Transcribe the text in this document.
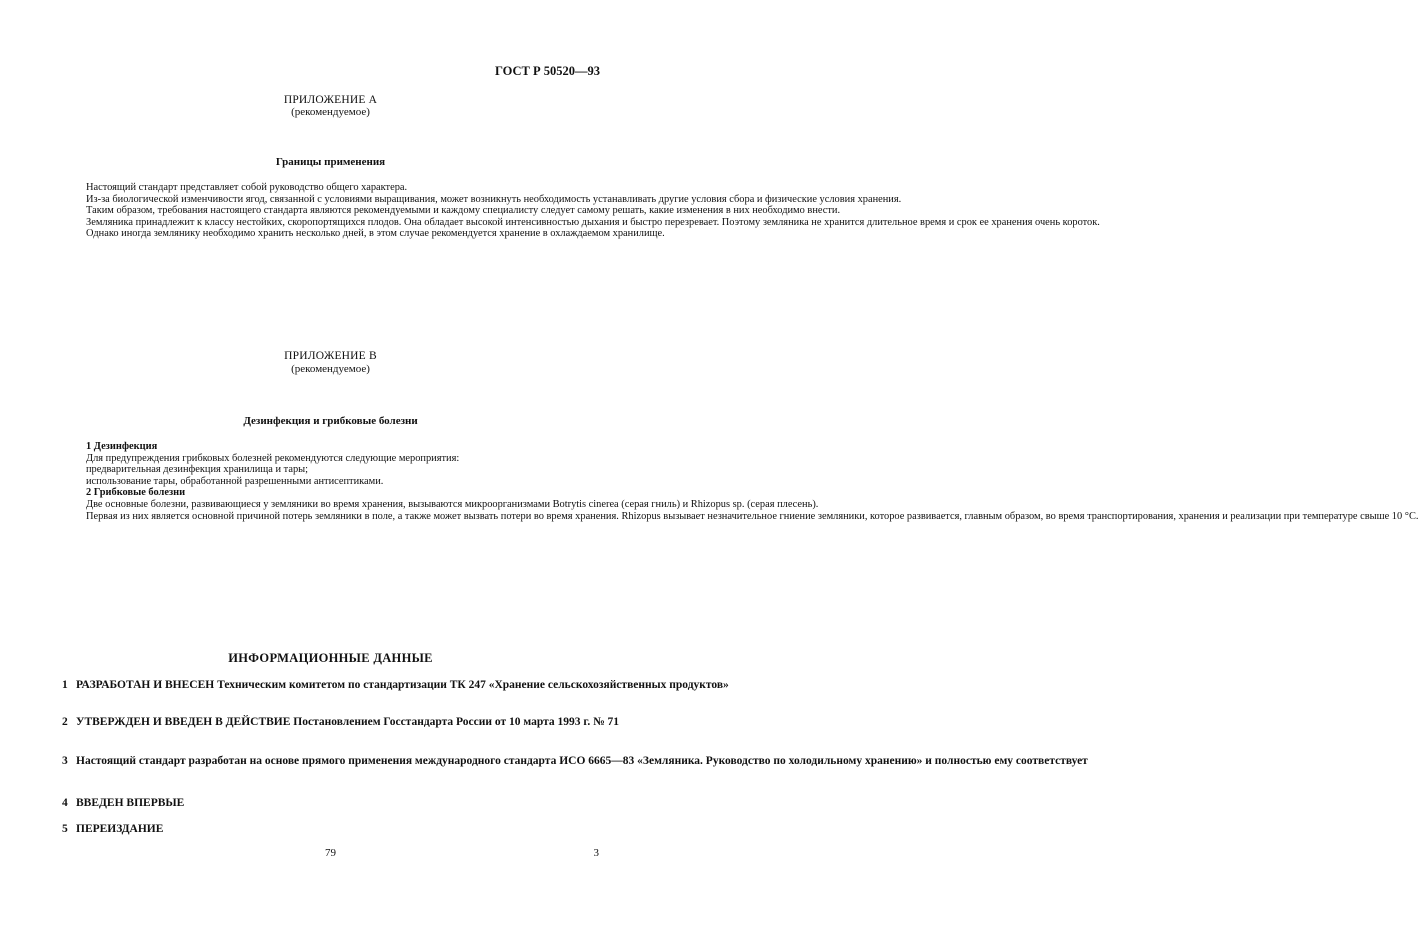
ГОСТ Р 50520—93
ПРИЛОЖЕНИЕ А
(рекомендуемое)
Границы применения

Настоящий стандарт представляет собой руководство общего характера.

Из-за биологической изменчивости ягод, связанной с условиями выращивания, может возникнуть необходимость устанавливать другие условия сбора и физические условия хранения.

Таким образом, требования настоящего стандарта являются рекомендуемыми и каждому специалисту следует самому решать, какие изменения в них необходимо внести.

Земляника принадлежит к классу нестойких, скоропортящихся плодов. Она обладает высокой интенсивностью дыхания и быстро перезревает. Поэтому земляника не хранится длительное время и срок ее хранения очень короток.

Однако иногда землянику необходимо хранить несколько дней, в этом случае рекомендуется хранение в охлаждаемом хранилище.

ПРИЛОЖЕНИЕ В
(рекомендуемое)
Дезинфекция и грибковые болезни

1 Дезинфекция

Для предупреждения грибковых болезней рекомендуются следующие мероприятия:

предварительная дезинфекция хранилища и тары;

использование тары, обработанной разрешенными антисептиками.

2 Грибковые болезни

Две основные болезни, развивающиеся у земляники во время хранения, вызываются микроорганизмами Botrytis cinerea (серая гниль) и Rhizopus sp. (серая плесень).

Первая из них является основной причиной потерь земляники в поле, а также может вызвать потери во время хранения. Rhizopus вызывает незначительное гниение земляники, которое развивается, главным образом, во время транспортирования, хранения и реализации при температуре свыше 10 °С.

ИНФОРМАЦИОННЫЕ ДАННЫЕ
1 РАЗРАБОТАН И ВНЕСЕН Техническим комитетом по стандартизации ТК 247 «Хранение сельскохозяйственных продуктов»
2 УТВЕРЖДЕН И ВВЕДЕН В ДЕЙСТВИЕ Постановлением Госстандарта России от 10 марта 1993 г. № 71
3 Настоящий стандарт разработан на основе прямого применения международного стандарта ИСО 6665—83 «Земляника. Руководство по холодильному хранению» и полностью ему соответствует
4 ВВЕДЕН ВПЕРВЫЕ
5 ПЕРЕИЗДАНИЕ
79	3
